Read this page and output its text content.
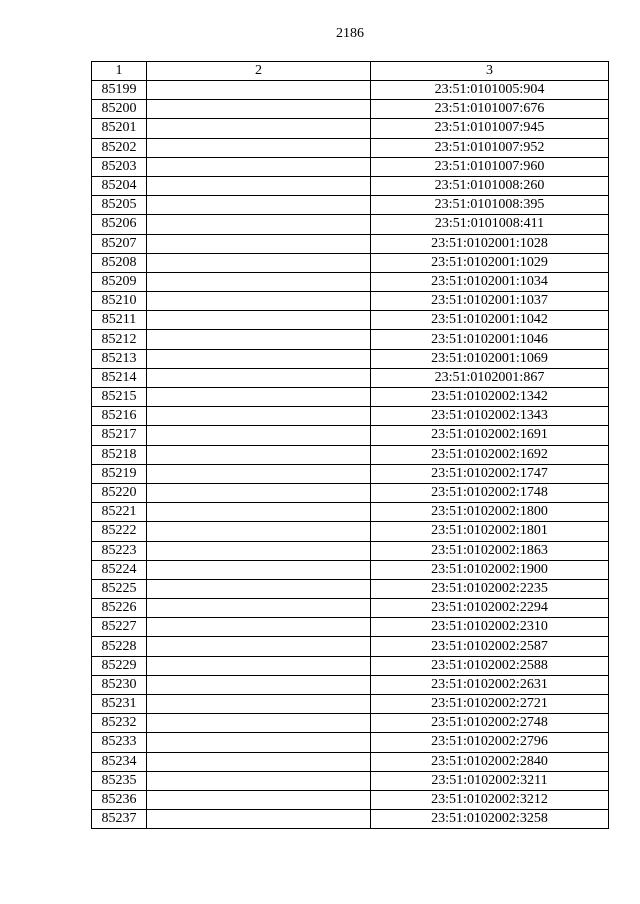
2186
1	2	3
85199		23:51:0101005:904
85200		23:51:0101007:676
85201		23:51:0101007:945
85202		23:51:0101007:952
85203		23:51:0101007:960
85204		23:51:0101008:260
85205		23:51:0101008:395
85206		23:51:0101008:411
85207		23:51:0102001:1028
85208		23:51:0102001:1029
85209		23:51:0102001:1034
85210		23:51:0102001:1037
85211		23:51:0102001:1042
85212		23:51:0102001:1046
85213		23:51:0102001:1069
85214		23:51:0102001:867
85215		23:51:0102002:1342
85216		23:51:0102002:1343
85217		23:51:0102002:1691
85218		23:51:0102002:1692
85219		23:51:0102002:1747
85220		23:51:0102002:1748
85221		23:51:0102002:1800
85222		23:51:0102002:1801
85223		23:51:0102002:1863
85224		23:51:0102002:1900
85225		23:51:0102002:2235
85226		23:51:0102002:2294
85227		23:51:0102002:2310
85228		23:51:0102002:2587
85229		23:51:0102002:2588
85230		23:51:0102002:2631
85231		23:51:0102002:2721
85232		23:51:0102002:2748
85233		23:51:0102002:2796
85234		23:51:0102002:2840
85235		23:51:0102002:3211
85236		23:51:0102002:3212
85237		23:51:0102002:3258
